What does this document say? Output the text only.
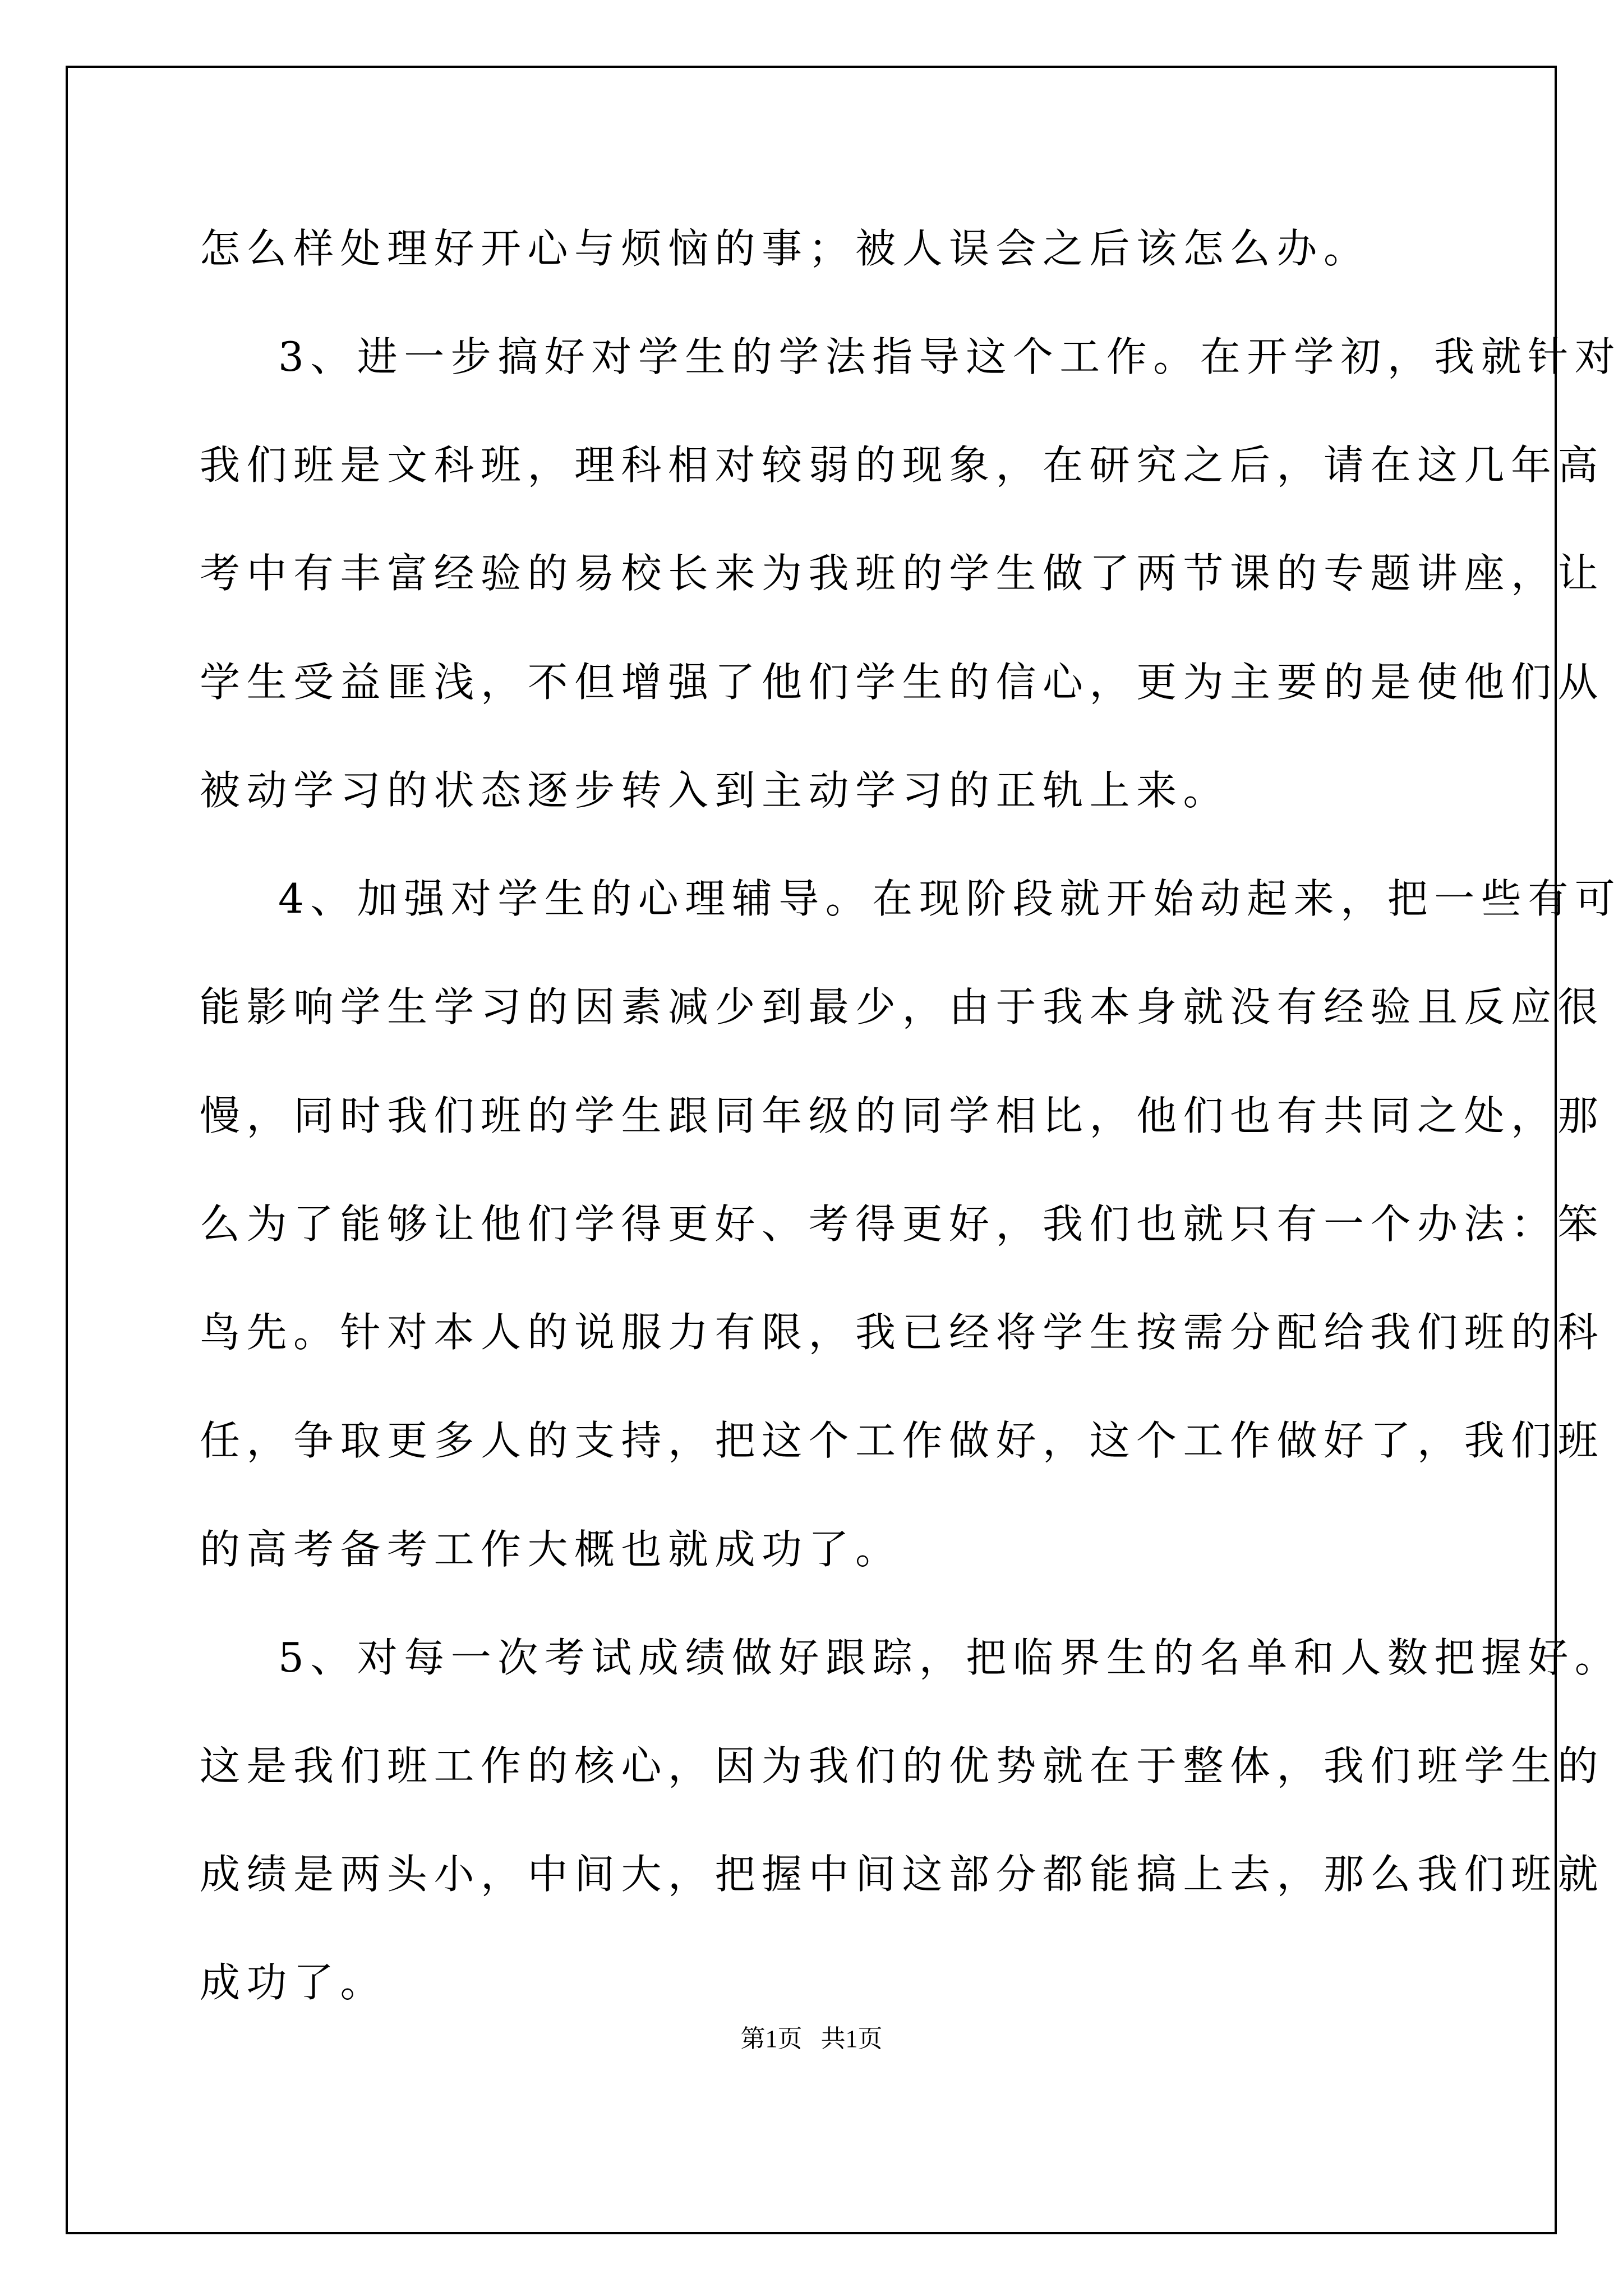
怎么样处理好开心与烦恼的事；被人误会之后该怎么办。
3、进一步搞好对学生的学法指导这个工作。在开学初，我就针对
我们班是文科班，理科相对较弱的现象，在研究之后，请在这几年高
考中有丰富经验的易校长来为我班的学生做了两节课的专题讲座，让
学生受益匪浅，不但增强了他们学生的信心，更为主要的是使他们从
被动学习的状态逐步转入到主动学习的正轨上来。
4、加强对学生的心理辅导。在现阶段就开始动起来，把一些有可
能影响学生学习的因素减少到最少，由于我本身就没有经验且反应很
慢，同时我们班的学生跟同年级的同学相比，他们也有共同之处，那
么为了能够让他们学得更好、考得更好，我们也就只有一个办法：笨
鸟先。针对本人的说服力有限，我已经将学生按需分配给我们班的科
任，争取更多人的支持，把这个工作做好，这个工作做好了，我们班
的高考备考工作大概也就成功了。
5、对每一次考试成绩做好跟踪，把临界生的名单和人数把握好。
这是我们班工作的核心，因为我们的优势就在于整体，我们班学生的
成绩是两头小，中间大，把握中间这部分都能搞上去，那么我们班就
成功了。
第1页   共1页
